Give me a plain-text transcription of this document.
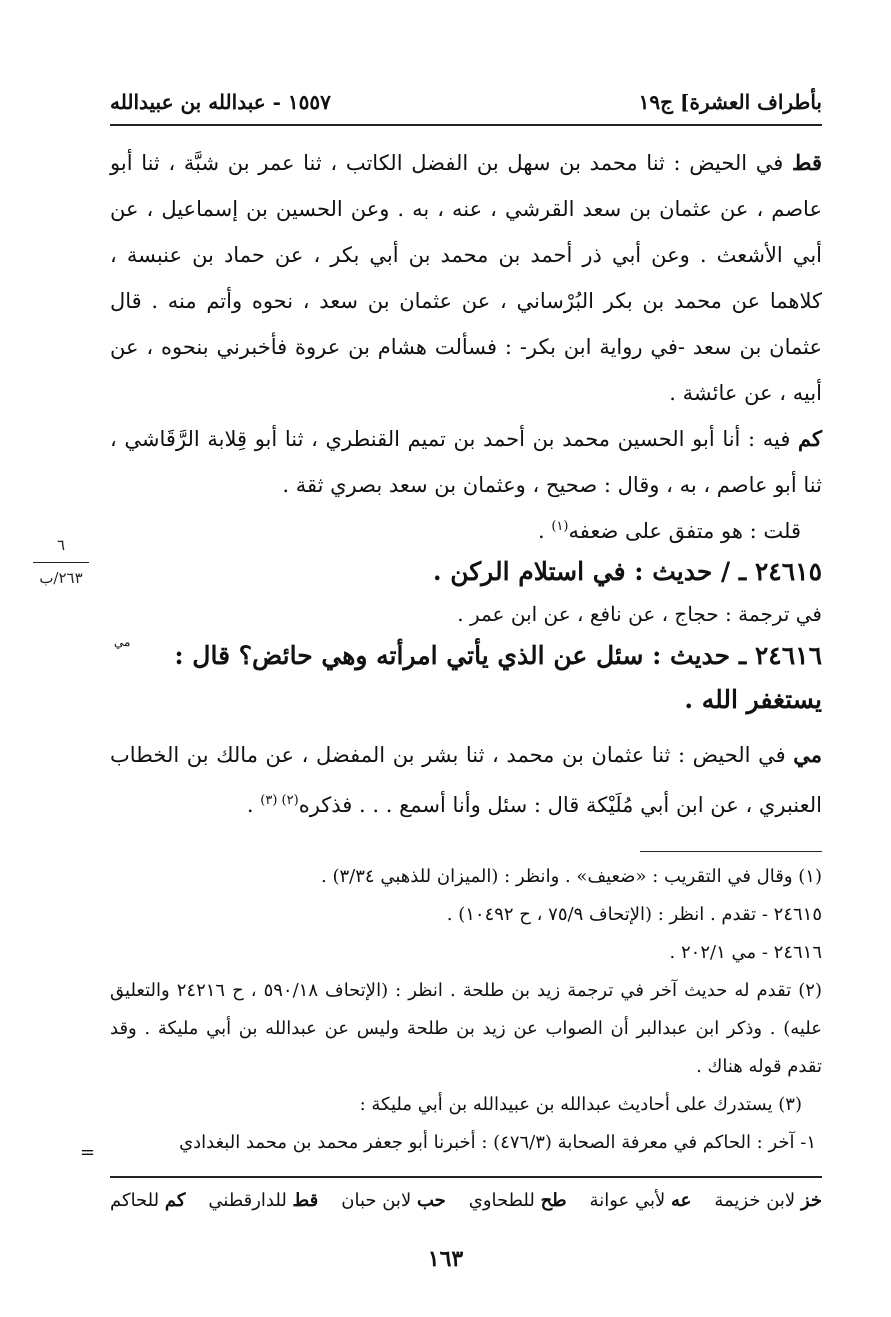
بأطراف العشرة] ج١٩
١٥٥٧ - عبدالله بن عبيدالله

قط في الحيض : ثنا محمد بن سهل بن الفضل الكاتب ، ثنا عمر بن شبَّة ، ثنا أبو عاصم ، عن عثمان بن سعد القرشي ، عنه ، به . وعن الحسين بن إسماعيل ، عن أبي الأشعث . وعن أبي ذر أحمد بن محمد بن أبي بكر ، عن حماد بن عنبسة ، كلاهما عن محمد بن بكر البُرْساني ، عن عثمان بن سعد ، نحوه وأتم منه . قال عثمان بن سعد -في رواية ابن بكر- : فسألت هشام بن عروة فأخبرني بنحوه ، عن أبيه ، عن عائشة .

كم فيه : أنا أبو الحسين محمد بن أحمد بن تميم القنطري ، ثنا أبو قِلابة الرَّقَاشي ، ثنا أبو عاصم ، به ، وقال : صحيح ، وعثمان بن سعد بصري ثقة .

 قلت : هو متفق على ضعفه$^{(١)}$ .

٢٤٦١٥ ـ / حديث : في استلام الركن .

في ترجمة : حجاج ، عن نافع ، عن ابن عمر .

٢٤٦١٦ ـ حديث : سئل عن الذي يأتي امرأته وهي حائض؟ قال : يستغفر الله .
مي

مي في الحيض : ثنا عثمان بن محمد ، ثنا بشر بن المفضل ، عن مالك بن الخطاب العنبري ، عن ابن أبي مُلَيْكة قال : سئل وأنا أسمع . . . فذكره$^{(٢) (٣)}$ .

٦
٢٦٣/ب

(١) وقال في التقريب : «ضعيف» . وانظر : (الميزان للذهبي ٣/٣٤) .

٢٤٦١٥ - تقدم . انظر : (الإتحاف ٧٥/٩ ، ح ١٠٤٩٢) .

٢٤٦١٦ - مي ٢٠٢/١ .

(٢) تقدم له حديث آخر في ترجمة زيد بن طلحة . انظر : (الإتحاف ٥٩٠/١٨ ، ح ٢٤٢١٦ والتعليق عليه) . وذكر ابن عبدالبر أن الصواب عن زيد بن طلحة وليس عن عبدالله بن أبي مليكة . وقد تقدم قوله هناك .

(٣) يستدرك على أحاديث عبدالله بن عبيدالله بن أبي مليكة :

١- آخر : الحاكم في معرفة الصحابة (٤٧٦/٣) : أخبرنا أبو جعفر محمد بن محمد البغدادي

=
خز لابن خزيمة
عه لأبي عوانة
طح للطحاوي
حب لابن حبان
قط للدارقطني
كم للحاكم
١٦٣
